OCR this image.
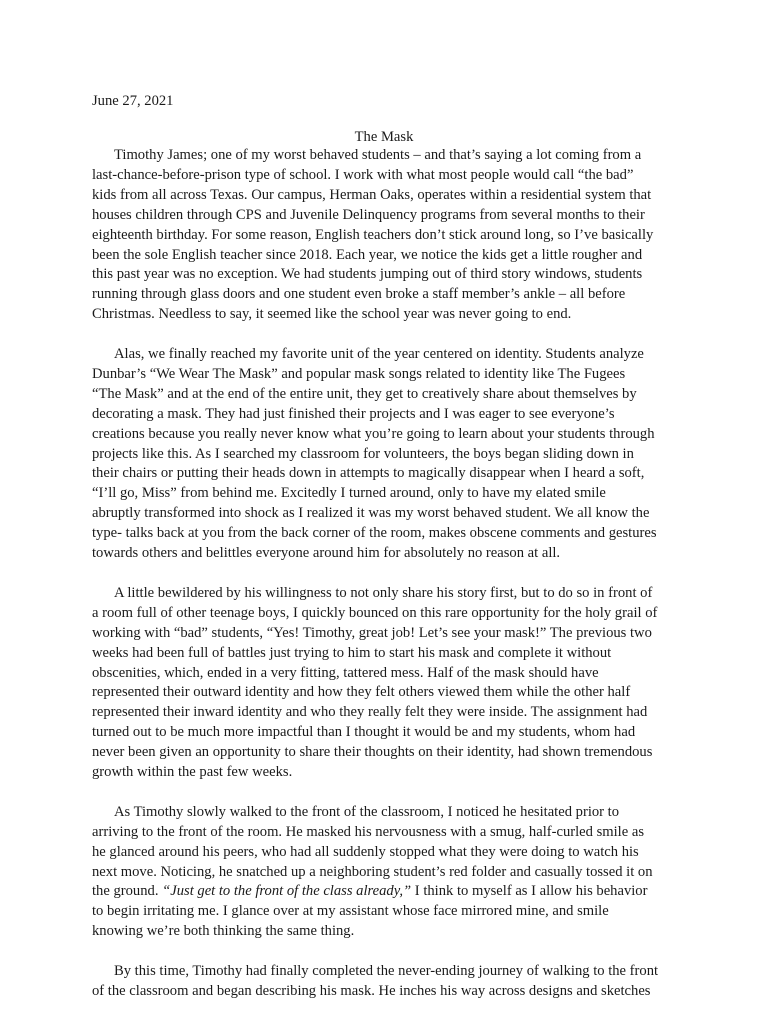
June 27, 2021
The Mask
Timothy James; one of my worst behaved students – and that’s saying a lot coming from a
last-chance-before-prison type of school. I work with what most people would call “the bad”
kids from all across Texas. Our campus, Herman Oaks, operates within a residential system that
houses children through CPS and Juvenile Delinquency programs from several months to their
eighteenth birthday. For some reason, English teachers don’t stick around long, so I’ve basically
been the sole English teacher since 2018. Each year, we notice the kids get a little rougher and
this past year was no exception. We had students jumping out of third story windows, students
running through glass doors and one student even broke a staff member’s ankle – all before
Christmas. Needless to say, it seemed like the school year was never going to end.
Alas, we finally reached my favorite unit of the year centered on identity. Students analyze
Dunbar’s “We Wear The Mask” and popular mask songs related to identity like The Fugees
“The Mask” and at the end of the entire unit, they get to creatively share about themselves by
decorating a mask. They had just finished their projects and I was eager to see everyone’s
creations because you really never know what you’re going to learn about your students through
projects like this. As I searched my classroom for volunteers, the boys began sliding down in
their chairs or putting their heads down in attempts to magically disappear when I heard a soft,
“I’ll go, Miss” from behind me. Excitedly I turned around, only to have my elated smile
abruptly transformed into shock as I realized it was my worst behaved student. We all know the
type- talks back at you from the back corner of the room, makes obscene comments and gestures
towards others and belittles everyone around him for absolutely no reason at all.
A little bewildered by his willingness to not only share his story first, but to do so in front of
a room full of other teenage boys, I quickly bounced on this rare opportunity for the holy grail of
working with “bad” students, “Yes! Timothy, great job! Let’s see your mask!” The previous two
weeks had been full of battles just trying to him to start his mask and complete it without
obscenities, which, ended in a very fitting, tattered mess. Half of the mask should have
represented their outward identity and how they felt others viewed them while the other half
represented their inward identity and who they really felt they were inside. The assignment had
turned out to be much more impactful than I thought it would be and my students, whom had
never been given an opportunity to share their thoughts on their identity, had shown tremendous
growth within the past few weeks.
As Timothy slowly walked to the front of the classroom, I noticed he hesitated prior to
arriving to the front of the room. He masked his nervousness with a smug, half-curled smile as
he glanced around his peers, who had all suddenly stopped what they were doing to watch his
next move. Noticing, he snatched up a neighboring student’s red folder and casually tossed it on
the ground. “Just get to the front of the class already,” I think to myself as I allow his behavior
to begin irritating me. I glance over at my assistant whose face mirrored mine, and smile
knowing we’re both thinking the same thing.
By this time, Timothy had finally completed the never-ending journey of walking to the front
of the classroom and began describing his mask. He inches his way across designs and sketches
